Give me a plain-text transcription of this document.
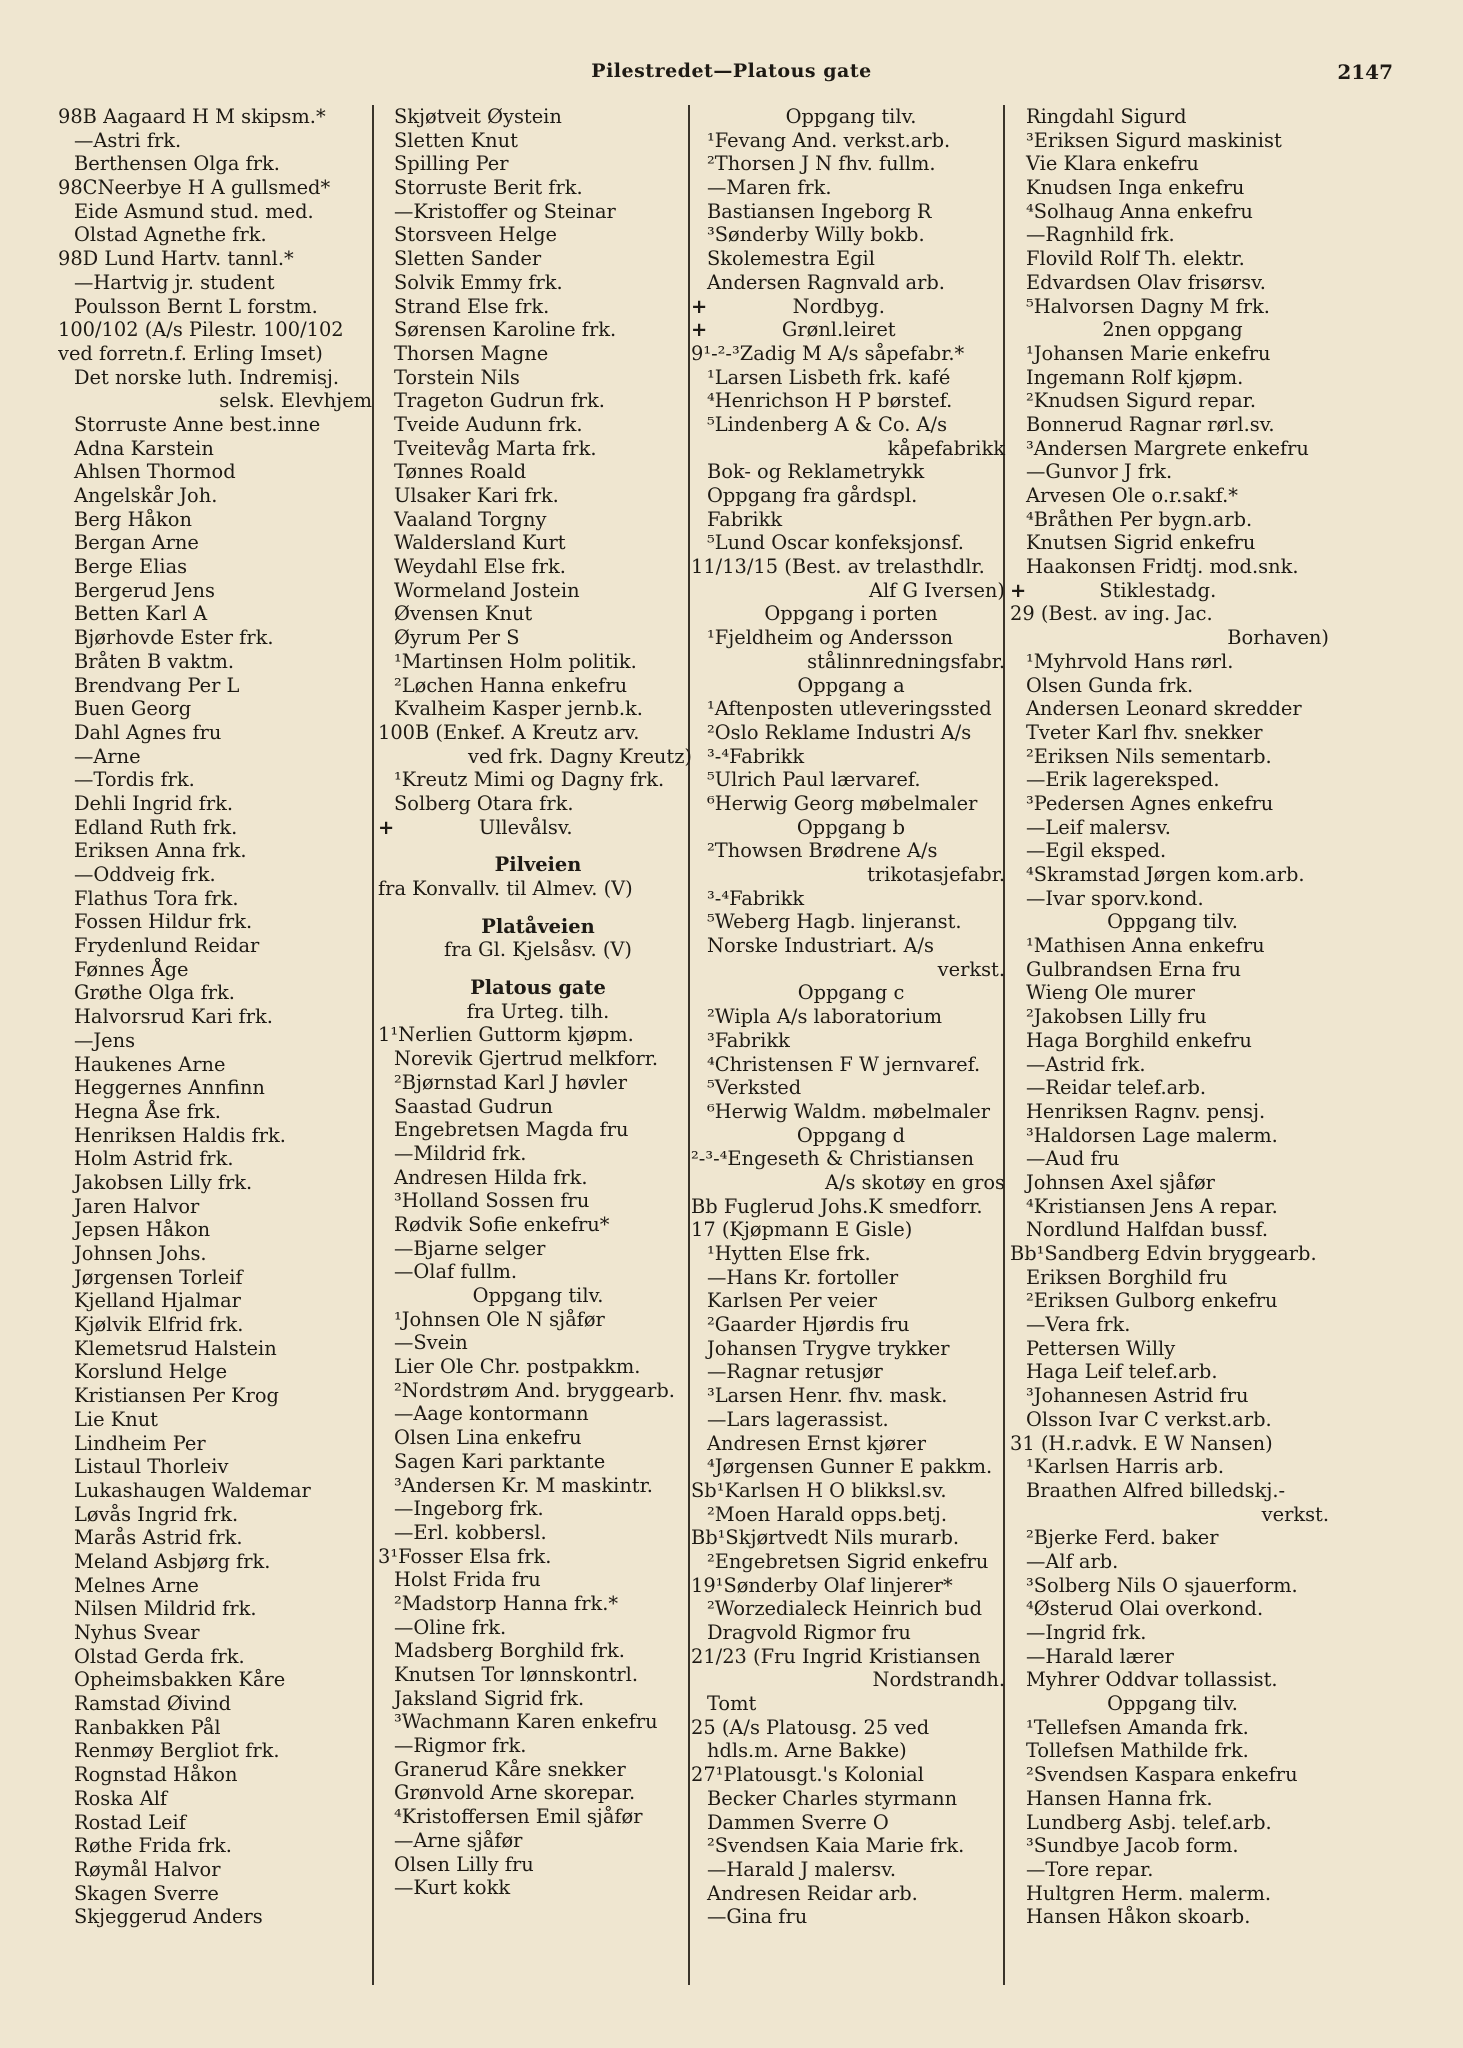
Pilestredet—Platous gate	2147
98B Aagaard H M skipsm.*
—Astri frk.
Berthensen Olga frk.
98CNeerbye H A gullsmed*
Eide Asmund stud. med.
Olstad Agnethe frk.
98D Lund Hartv. tannl.*
—Hartvig jr. student
Poulsson Bernt L forstm.
100/102 (A/s Pilestr. 100/102
ved forretn.f. Erling Imset)
Det norske luth. Indremisj.
selsk. Elevhjem
Storruste Anne best.inne
Adna Karstein
Ahlsen Thormod
Angelskår Joh.
Berg Håkon
Bergan Arne
Berge Elias
Bergerud Jens
Betten Karl A
Bjørhovde Ester frk.
Bråten B vaktm.
Brendvang Per L
Buen Georg
Dahl Agnes fru
—Arne
—Tordis frk.
Dehli Ingrid frk.
Edland Ruth frk.
Eriksen Anna frk.
—Oddveig frk.
Flathus Tora frk.
Fossen Hildur frk.
Frydenlund Reidar
Fønnes Åge
Grøthe Olga frk.
Halvorsrud Kari frk.
—Jens
Haukenes Arne
Heggernes Annfinn
Hegna Åse frk.
Henriksen Haldis frk.
Holm Astrid frk.
Jakobsen Lilly frk.
Jaren Halvor
Jepsen Håkon
Johnsen Johs.
Jørgensen Torleif
Kjelland Hjalmar
Kjølvik Elfrid frk.
Klemetsrud Halstein
Korslund Helge
Kristiansen Per Krog
Lie Knut
Lindheim Per
Listaul Thorleiv
Lukashaugen Waldemar
Løvås Ingrid frk.
Marås Astrid frk.
Meland Asbjørg frk.
Melnes Arne
Nilsen Mildrid frk.
Nyhus Svear
Olstad Gerda frk.
Opheimsbakken Kåre
Ramstad Øivind
Ranbakken Pål
Renmøy Bergliot frk.
Rognstad Håkon
Roska Alf
Rostad Leif
Røthe Frida frk.
Røymål Halvor
Skagen Sverre
Skjeggerud Anders
Skjøtveit Øystein
Sletten Knut
Spilling Per
Storruste Berit frk.
—Kristoffer og Steinar
Storsveen Helge
Sletten Sander
Solvik Emmy frk.
Strand Else frk.
Sørensen Karoline frk.
Thorsen Magne
Torstein Nils
Trageton Gudrun frk.
Tveide Audunn frk.
Tveitevåg Marta frk.
Tønnes Roald
Ulsaker Kari frk.
Vaaland Torgny
Waldersland Kurt
Weydahl Else frk.
Wormeland Jostein
Øvensen Knut
Øyrum Per S
¹Martinsen Holm politik.
²Løchen Hanna enkefru
Kvalheim Kasper jernb.k.
100B (Enkef. A Kreutz arv.
ved frk. Dagny Kreutz)
¹Kreutz Mimi og Dagny frk.
Solberg Otara frk.
+	Ullevålsv.
Pilveien
fra Konvallv. til Almev. (V)
Platåveien
fra Gl. Kjelsåsv. (V)
Platous gate
fra Urteg. tilh.
1¹Nerlien Guttorm kjøpm.
Norevik Gjertrud melkforr.
²Bjørnstad Karl J høvler
Saastad Gudrun
Engebretsen Magda fru
—Mildrid frk.
Andresen Hilda frk.
³Holland Sossen fru
Rødvik Sofie enkefru*
—Bjarne selger
—Olaf fullm.
Oppgang tilv.
¹Johnsen Ole N sjåfør
—Svein
Lier Ole Chr. postpakkm.
²Nordstrøm And. bryggearb.
—Aage kontormann
Olsen Lina enkefru
Sagen Kari parktante
³Andersen Kr. M maskintr.
—Ingeborg frk.
—Erl. kobbersl.
3¹Fosser Elsa frk.
Holst Frida fru
²Madstorp Hanna frk.*
—Oline frk.
Madsberg Borghild frk.
Knutsen Tor lønnskontrl.
Jaksland Sigrid frk.
³Wachmann Karen enkefru
—Rigmor frk.
Granerud Kåre snekker
Grønvold Arne skorepar.
⁴Kristoffersen Emil sjåfør
—Arne sjåfør
Olsen Lilly fru
—Kurt kokk
Oppgang tilv.
¹Fevang And. verkst.arb.
²Thorsen J N fhv. fullm.
—Maren frk.
Bastiansen Ingeborg R
³Sønderby Willy bokb.
Skolemestra Egil
Andersen Ragnvald arb.
+	Nordbyg.
+	Grønl.leiret
9¹-²-³Zadig M A/s såpefabr.*
¹Larsen Lisbeth frk. kafé
⁴Henrichson H P børstef.
⁵Lindenberg A & Co. A/s
kåpefabrikk
Bok- og Reklametrykk
Oppgang fra gårdspl.
Fabrikk
⁵Lund Oscar konfeksjonsf.
11/13/15 (Best. av trelasthdlr.
Alf G Iversen)
Oppgang i porten
¹Fjeldheim og Andersson
stålinnredningsfabr.
Oppgang a
¹Aftenposten utleveringssted
²Oslo Reklame Industri A/s
³-⁴Fabrikk
⁵Ulrich Paul lærvaref.
⁶Herwig Georg møbelmaler
Oppgang b
²Thowsen Brødrene A/s
trikotasjefabr.
³-⁴Fabrikk
⁵Weberg Hagb. linjeranst.
Norske Industriart. A/s
verkst.
Oppgang c
²Wipla A/s laboratorium
³Fabrikk
⁴Christensen F W jernvaref.
⁵Verksted
⁶Herwig Waldm. møbelmaler
Oppgang d
²-³-⁴Engeseth & Christiansen
A/s skotøy en gros
Bb Fuglerud Johs.K smedforr.
17 (Kjøpmann E Gisle)
¹Hytten Else frk.
—Hans Kr. fortoller
Karlsen Per veier
²Gaarder Hjørdis fru
Johansen Trygve trykker
—Ragnar retusjør
³Larsen Henr. fhv. mask.
—Lars lagerassist.
Andresen Ernst kjører
⁴Jørgensen Gunner E pakkm.
Sb¹Karlsen H O blikksl.sv.
²Moen Harald opps.betj.
Bb¹Skjørtvedt Nils murarb.
²Engebretsen Sigrid enkefru
19¹Sønderby Olaf linjerer*
²Worzedialeck Heinrich bud
Dragvold Rigmor fru
21/23 (Fru Ingrid Kristiansen
Nordstrandh.
Tomt
25 (A/s Platousg. 25 ved
hdls.m. Arne Bakke)
27¹Platousgt.'s Kolonial
Becker Charles styrmann
Dammen Sverre O
²Svendsen Kaia Marie frk.
—Harald J malersv.
Andresen Reidar arb.
—Gina fru
Ringdahl Sigurd
³Eriksen Sigurd maskinist
Vie Klara enkefru
Knudsen Inga enkefru
⁴Solhaug Anna enkefru
—Ragnhild frk.
Flovild Rolf Th. elektr.
Edvardsen Olav frisørsv.
⁵Halvorsen Dagny M frk.
2nen oppgang
¹Johansen Marie enkefru
Ingemann Rolf kjøpm.
²Knudsen Sigurd repar.
Bonnerud Ragnar rørl.sv.
³Andersen Margrete enkefru
—Gunvor J frk.
Arvesen Ole o.r.sakf.*
⁴Bråthen Per bygn.arb.
Knutsen Sigrid enkefru
Haakonsen Fridtj. mod.snk.
+	Stiklestadg.
29 (Best. av ing. Jac.
Borhaven)
¹Myhrvold Hans rørl.
Olsen Gunda frk.
Andersen Leonard skredder
Tveter Karl fhv. snekker
²Eriksen Nils sementarb.
—Erik lagereksped.
³Pedersen Agnes enkefru
—Leif malersv.
—Egil eksped.
⁴Skramstad Jørgen kom.arb.
—Ivar sporv.kond.
Oppgang tilv.
¹Mathisen Anna enkefru
Gulbrandsen Erna fru
Wieng Ole murer
²Jakobsen Lilly fru
Haga Borghild enkefru
—Astrid frk.
—Reidar telef.arb.
Henriksen Ragnv. pensj.
³Haldorsen Lage malerm.
—Aud fru
Johnsen Axel sjåfør
⁴Kristiansen Jens A repar.
Nordlund Halfdan bussf.
Bb¹Sandberg Edvin bryggearb.
Eriksen Borghild fru
²Eriksen Gulborg enkefru
—Vera frk.
Pettersen Willy
Haga Leif telef.arb.
³Johannesen Astrid fru
Olsson Ivar C verkst.arb.
31 (H.r.advk. E W Nansen)
¹Karlsen Harris arb.
Braathen Alfred billedskj.-
verkst.
²Bjerke Ferd. baker
—Alf arb.
³Solberg Nils O sjauerform.
⁴Østerud Olai overkond.
—Ingrid frk.
—Harald lærer
Myhrer Oddvar tollassist.
Oppgang tilv.
¹Tellefsen Amanda frk.
Tollefsen Mathilde frk.
²Svendsen Kaspara enkefru
Hansen Hanna frk.
Lundberg Asbj. telef.arb.
³Sundbye Jacob form.
—Tore repar.
Hultgren Herm. malerm.
Hansen Håkon skoarb.
